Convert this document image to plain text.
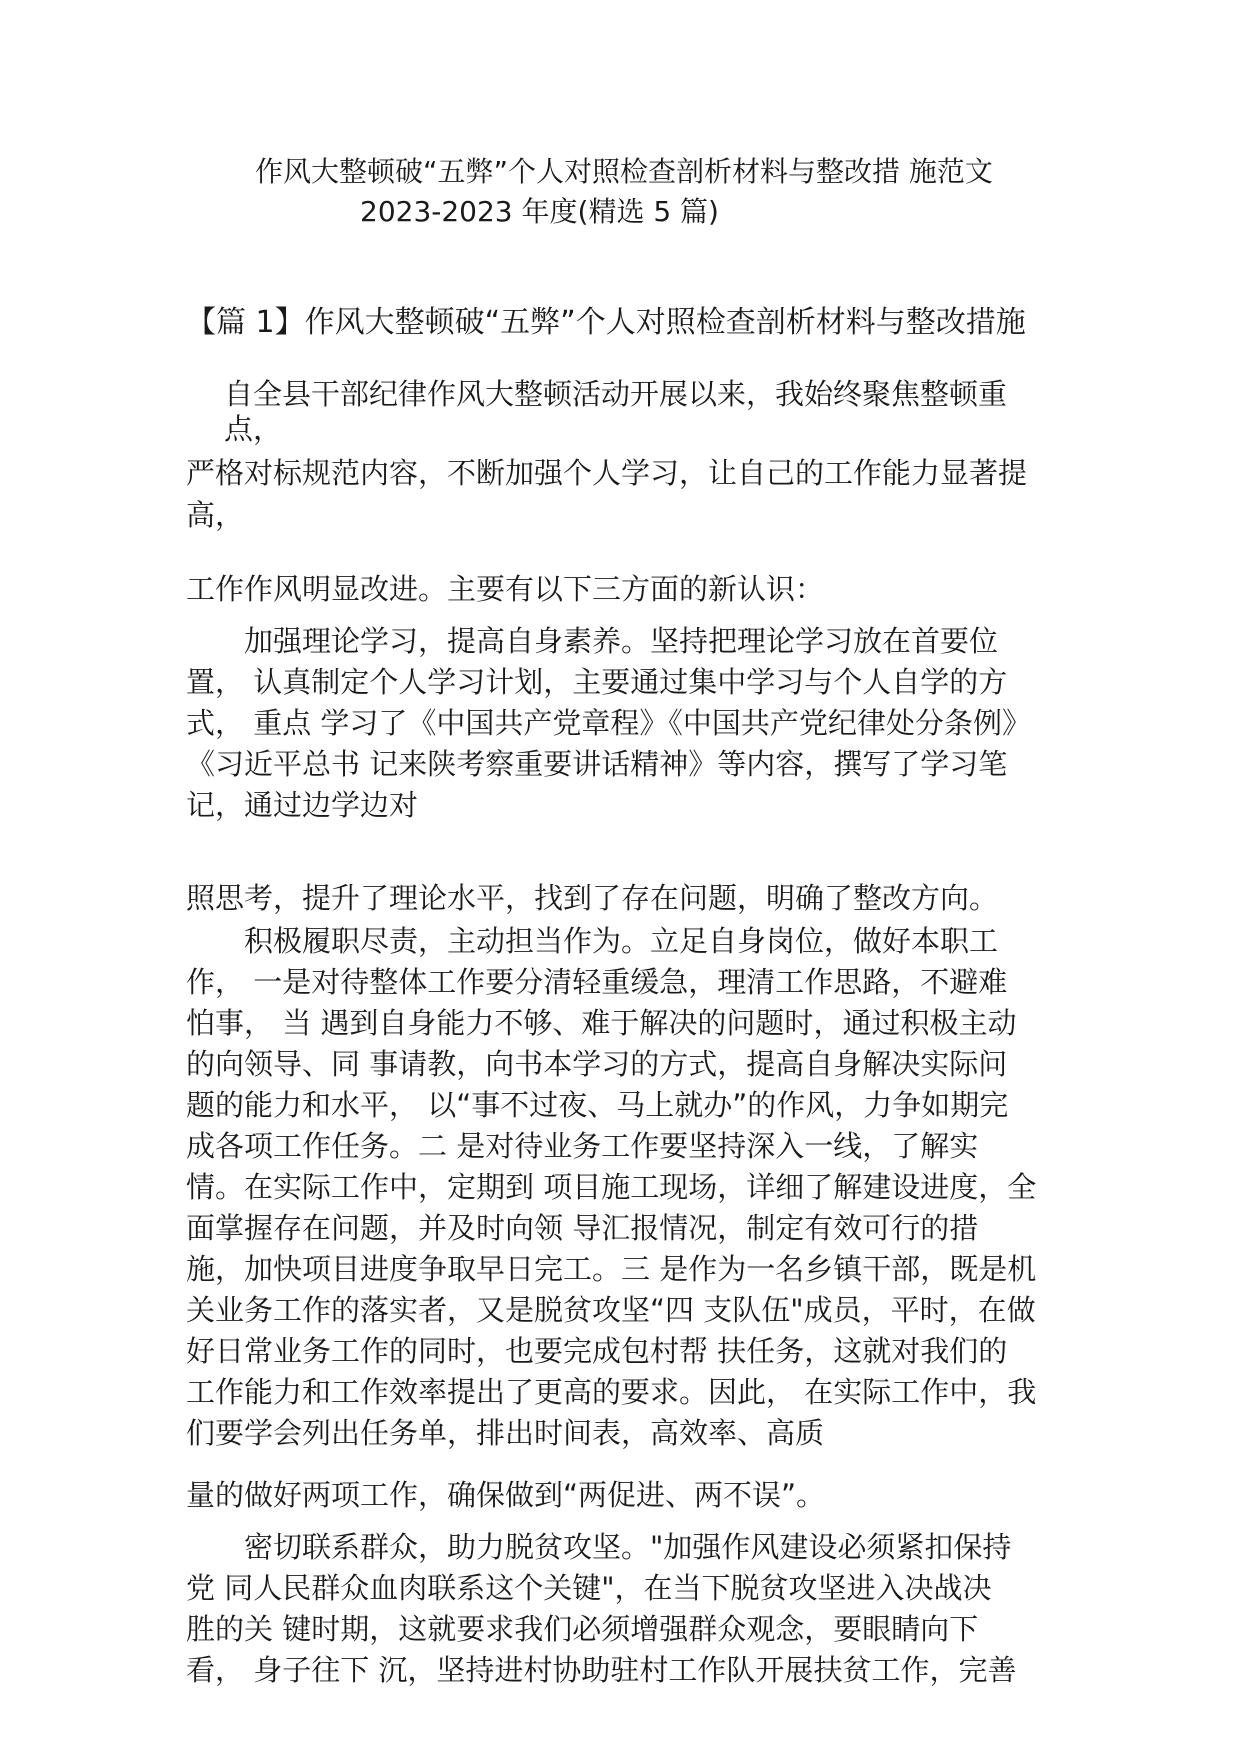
作风大整顿破“五弊”个人对照检查剖析材料与整改措 施范文
2023-2023 年度(精选 5 篇)
【篇 1】作风大整顿破“五弊”个人对照检查剖析材料与整改措施
自全县干部纪律作风大整顿活动开展以来，我始终聚焦整顿重
点，
严格对标规范内容，不断加强个人学习，让自己的工作能力显著提
高，
工作作风明显改进。主要有以下三方面的新认识：
加强理论学习，提高自身素养。坚持把理论学习放在首要位
置， 认真制定个人学习计划，主要通过集中学习与个人自学的方
式， 重点 学习了《中国共产党章程》《中国共产党纪律处分条例》
《习近平总书 记来陕考察重要讲话精神》等内容，撰写了学习笔
记，通过边学边对
照思考，提升了理论水平，找到了存在问题，明确了整改方向。
积极履职尽责，主动担当作为。立足自身岗位，做好本职工
作， 一是对待整体工作要分清轻重缓急，理清工作思路，不避难
怕事， 当 遇到自身能力不够、难于解决的问题时，通过积极主动
的向领导、同 事请教，向书本学习的方式，提高自身解决实际问
题的能力和水平， 以“事不过夜、马上就办”的作风，力争如期完
成各项工作任务。二 是对待业务工作要坚持深入一线，了解实
情。在实际工作中，定期到 项目施工现场，详细了解建设进度，全
面掌握存在问题，并及时向领 导汇报情况，制定有效可行的措
施，加快项目进度争取早日完工。三 是作为一名乡镇干部，既是机
关业务工作的落实者，又是脱贫攻坚“四 支队伍"成员，平时，在做
好日常业务工作的同时，也要完成包村帮 扶任务，这就对我们的
工作能力和工作效率提出了更高的要求。因此， 在实际工作中，我
们要学会列出任务单，排出时间表，高效率、高质
量的做好两项工作，确保做到“两促进、两不误”。
密切联系群众，助力脱贫攻坚。"加强作风建设必须紧扣保持
党 同人民群众血肉联系这个关键"，在当下脱贫攻坚进入决战决
胜的关 键时期，这就要求我们必须增强群众观念，要眼睛向下
看， 身子往下 沉，坚持进村协助驻村工作队开展扶贫工作，完善
